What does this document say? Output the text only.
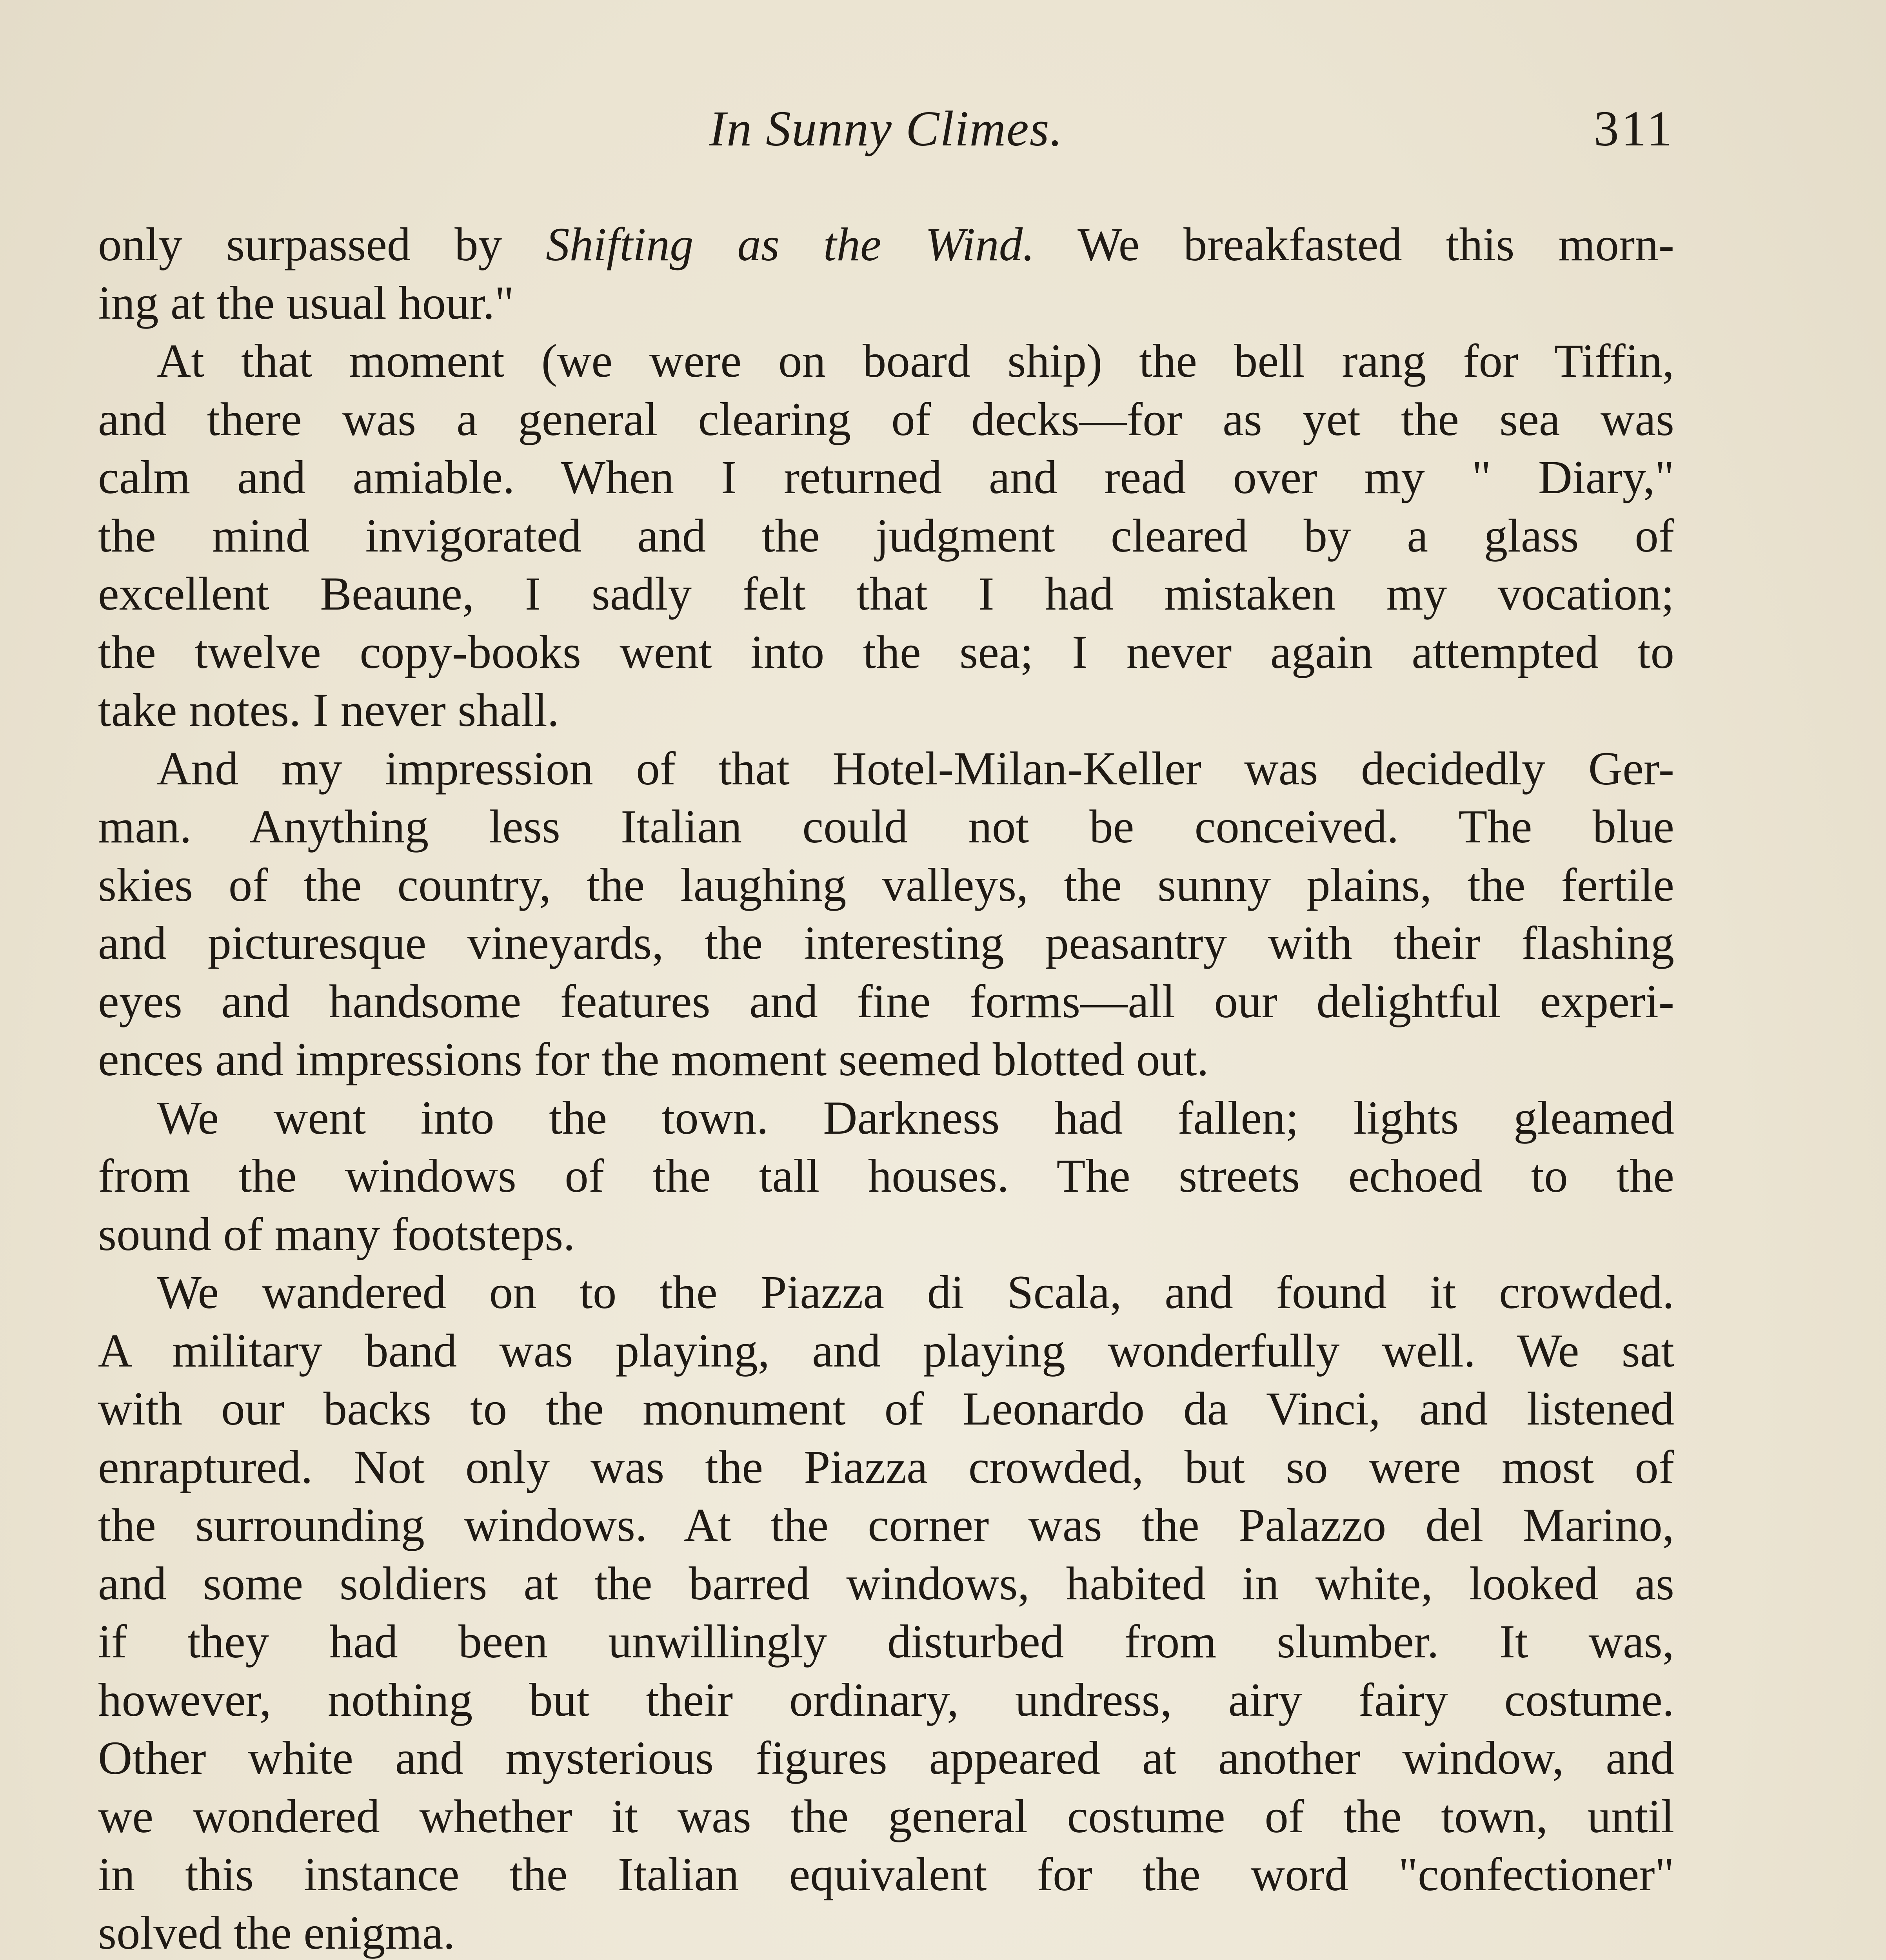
In Sunny Climes.	311

only surpassed by Shifting as the Wind. We breakfasted this morn-

ing at the usual hour."

At that moment (we were on board ship) the bell rang for Tiffin,

and there was a general clearing of decks—for as yet the sea was

calm and amiable. When I returned and read over my " Diary,"

the mind invigorated and the judgment cleared by a glass of

excellent Beaune, I sadly felt that I had mistaken my vocation;

the twelve copy-books went into the sea; I never again attempted to

take notes. I never shall.

And my impression of that Hotel-Milan-Keller was decidedly Ger-

man. Anything less Italian could not be conceived. The blue

skies of the country, the laughing valleys, the sunny plains, the fertile

and picturesque vineyards, the interesting peasantry with their flashing

eyes and handsome features and fine forms—all our delightful experi-

ences and impressions for the moment seemed blotted out.

We went into the town. Darkness had fallen; lights gleamed

from the windows of the tall houses. The streets echoed to the

sound of many footsteps.

We wandered on to the Piazza di Scala, and found it crowded.

A military band was playing, and playing wonderfully well. We sat

with our backs to the monument of Leonardo da Vinci, and listened

enraptured. Not only was the Piazza crowded, but so were most of

the surrounding windows. At the corner was the Palazzo del Marino,

and some soldiers at the barred windows, habited in white, looked as

if they had been unwillingly disturbed from slumber. It was,

however, nothing but their ordinary, undress, airy fairy costume.

Other white and mysterious figures appeared at another window, and

we wondered whether it was the general costume of the town, until

in this instance the Italian equivalent for the word "confectioner"

solved the enigma.
